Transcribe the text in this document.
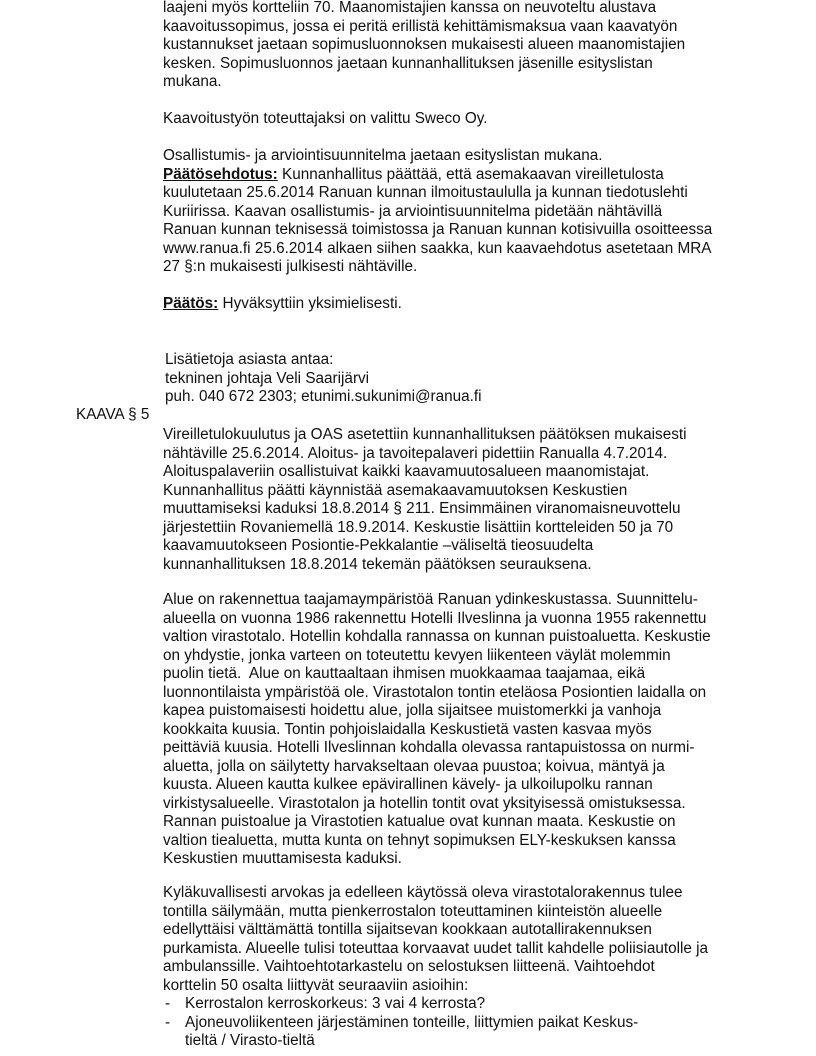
laajeni myös kortteliin 70. Maanomistajien kanssa on neuvoteltu alustava
kaavoitussopimus, jossa ei peritä erillistä kehittämismaksua vaan kaavatyön
kustannukset jaetaan sopimusluonnoksen mukaisesti alueen maanomistajien
kesken. Sopimusluonnos jaetaan kunnanhallituksen jäsenille esityslistan
mukana.
Kaavoitustyön toteuttajaksi on valittu Sweco Oy.
Osallistumis- ja arviointisuunnitelma jaetaan esityslistan mukana.
Päätösehdotus: Kunnanhallitus päättää, että asemakaavan vireilletulosta
kuulutetaan 25.6.2014 Ranuan kunnan ilmoitustaululla ja kunnan tiedotuslehti
Kuriirissa. Kaavan osallistumis- ja arviointisuunnitelma pidetään nähtävillä
Ranuan kunnan teknisessä toimistossa ja Ranuan kunnan kotisivuilla osoitteessa
www.ranua.fi 25.6.2014 alkaen siihen saakka, kun kaavaehdotus asetetaan MRA
27 §:n mukaisesti julkisesti nähtäville.
Päätös: Hyväksyttiin yksimielisesti.
Lisätietoja asiasta antaa:
tekninen johtaja Veli Saarijärvi
puh. 040 672 2303; etunimi.sukunimi@ranua.fi
KAAVA § 5
Vireilletulokuulutus ja OAS asetettiin kunnanhallituksen päätöksen mukaisesti
nähtäville 25.6.2014. Aloitus- ja tavoitepalaveri pidettiin Ranualla 4.7.2014.
Aloituspalaveriin osallistuivat kaikki kaavamuutosalueen maanomistajat.
Kunnanhallitus päätti käynnistää asemakaavamuutoksen Keskustien
muuttamiseksi kaduksi 18.8.2014 § 211. Ensimmäinen viranomaisneuvottelu
järjestettiin Rovaniemellä 18.9.2014. Keskustie lisättiin kortteleiden 50 ja 70
kaavamuutokseen Posiontie-Pekkalantie –väliseltä tieosuudelta
kunnanhallituksen 18.8.2014 tekemän päätöksen seurauksena.
Alue on rakennettua taajamaympäristöä Ranuan ydinkeskustassa. Suunnittelu-
alueella on vuonna 1986 rakennettu Hotelli Ilveslinna ja vuonna 1955 rakennettu
valtion virastotalo. Hotellin kohdalla rannassa on kunnan puistoaluetta. Keskustie
on yhdystie, jonka varteen on toteutettu kevyen liikenteen väylät molemmin
puolin tietä.  Alue on kauttaaltaan ihmisen muokkaamaa taajamaa, eikä
luonnontilaista ympäristöä ole. Virastotalon tontin eteläosa Posiontien laidalla on
kapea puistomaisesti hoidettu alue, jolla sijaitsee muistomerkki ja vanhoja
kookkaita kuusia. Tontin pohjoislaidalla Keskustietä vasten kasvaa myös
peittäviä kuusia. Hotelli Ilveslinnan kohdalla olevassa rantapuistossa on nurmi-
aluetta, jolla on säilytetty harvakseltaan olevaa puustoa; koivua, mäntyä ja
kuusta. Alueen kautta kulkee epävirallinen kävely- ja ulkoilupolku rannan
virkistysalueelle. Virastotalon ja hotellin tontit ovat yksityisessä omistuksessa.
Rannan puistoalue ja Virastotien katualue ovat kunnan maata. Keskustie on
valtion tiealuetta, mutta kunta on tehnyt sopimuksen ELY-keskuksen kanssa
Keskustien muuttamisesta kaduksi.
Kyläkuvallisesti arvokas ja edelleen käytössä oleva virastotalorakennus tulee
tontilla säilymään, mutta pienkerrostalon toteuttaminen kiinteistön alueelle
edellyttäisi välttämättä tontilla sijaitsevan kookkaan autotallirakennuksen
purkamista. Alueelle tulisi toteuttaa korvaavat uudet tallit kahdelle poliisiautolle ja
ambulanssille. Vaihtoehtotarkastelu on selostuksen liitteenä. Vaihtoehdot
korttelin 50 osalta liittyvät seuraaviin asioihin:
- Kerrostalon kerroskorkeus: 3 vai 4 kerrosta?
- Ajoneuvoliikenteen järjestäminen tonteille, liittymien paikat Keskus-
tieltä / Virasto-tieltä
